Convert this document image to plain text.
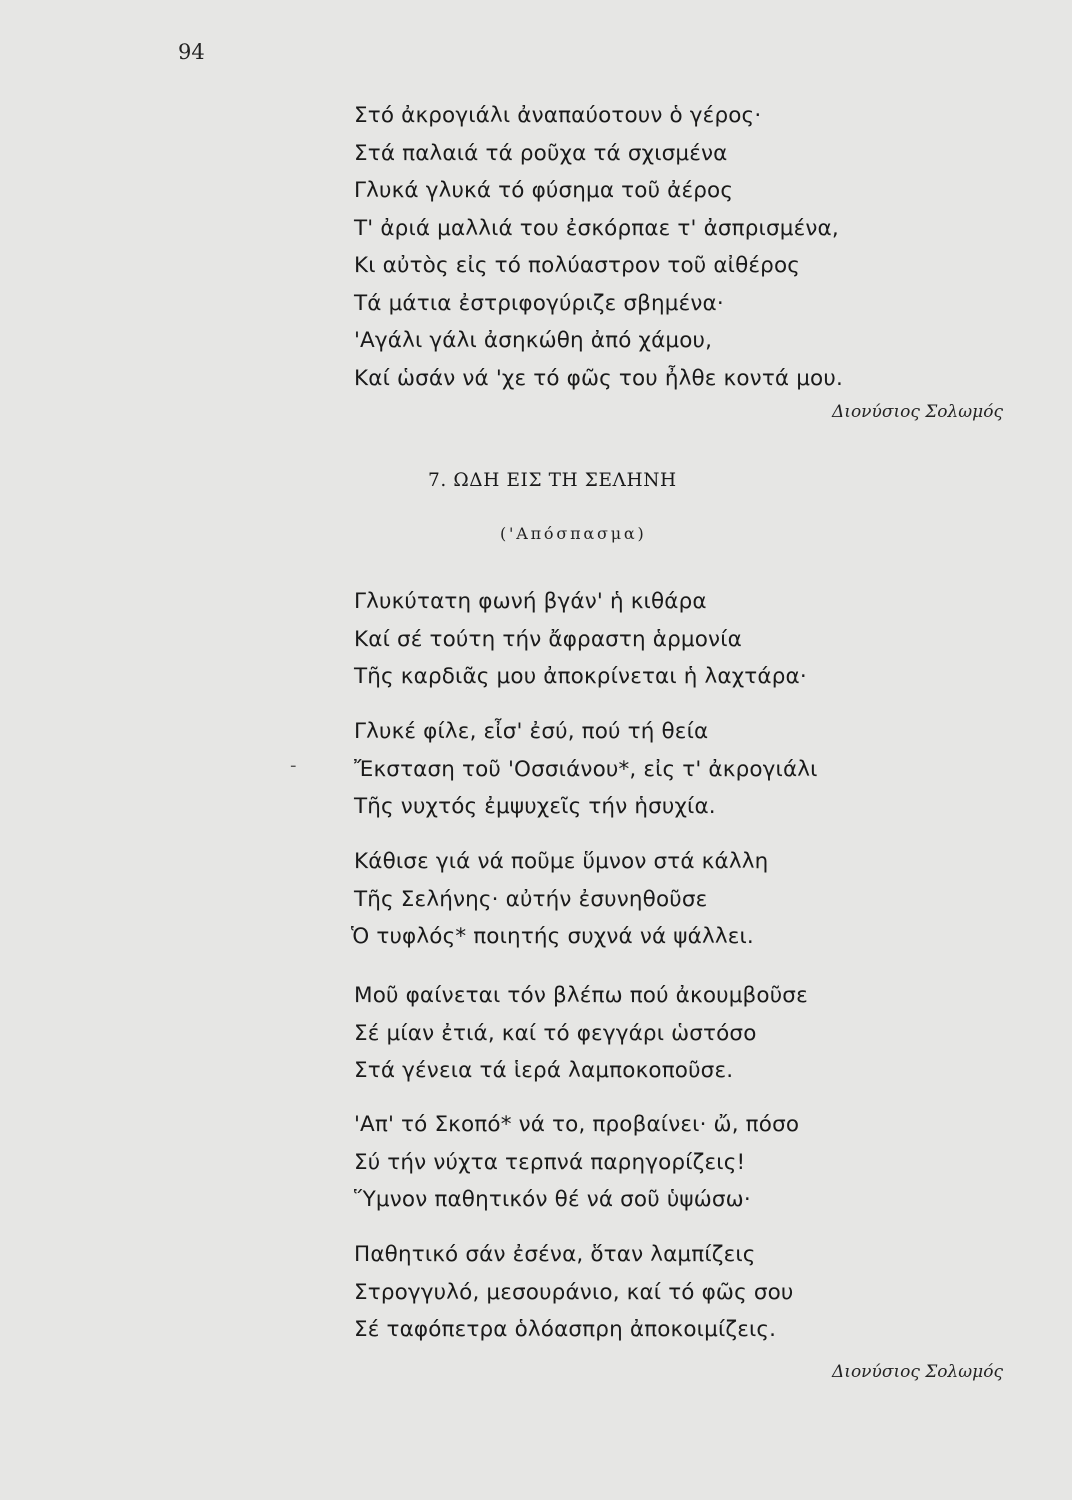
94
Στό ἀκρογιάλι ἀναπαύοτουν ὁ γέρος·
Στά παλαιά τά ροῦχα τά σχισμένα
Γλυκά γλυκά τό φύσημα τοῦ ἀέρος
Τ' ἀριά μαλλιά του ἐσκόρπαε τ' ἀσπρισμένα,
Κι αὐτὸς εἰς τό πολύαστρον τοῦ αἰθέρος
Τά μάτια ἐστριφογύριζε σβημένα·
'Αγάλι γάλι ἀσηκώθη ἀπό χάμου,
Καί ὡσάν νά 'χε τό φῶς του ἦλθε κοντά μου.
Διονύσιος Σολωμός
7. ΩΔΗ ΕΙΣ ΤΗ ΣΕΛΗΝΗ
('Απόσπασμα)
Γλυκύτατη φωνή βγάν' ἡ κιθάρα
Καί σέ τούτη τήν ἄφραστη ἁρμονία
Τῆς καρδιᾶς μου ἀποκρίνεται ἡ λαχτάρα·
Γλυκέ φίλε, εἶσ' ἐσύ, πού τή θεία
Ἔκσταση τοῦ 'Οσσιάνου*, εἰς τ' ἀκρογιάλι
Τῆς νυχτός ἐμψυχεῖς τήν ἡσυχία.
Κάθισε γιά νά ποῦμε ὕμνον στά κάλλη
Τῆς Σελήνης· αὐτήν ἐσυνηθοῦσε
Ὁ τυφλός* ποιητής συχνά νά ψάλλει.
Μοῦ φαίνεται τόν βλέπω πού ἀκουμβοῦσε
Σέ μίαν ἐτιά, καί τό φεγγάρι ὡστόσο
Στά γένεια τά ἱερά λαμποκοποῦσε.
'Απ' τό Σκοπό* νά το, προβαίνει· ὤ, πόσο
Σύ τήν νύχτα τερπνά παρηγορίζεις!
Ὕμνον παθητικόν θέ νά σοῦ ὑψώσω·
Παθητικό σάν ἐσένα, ὅταν λαμπίζεις
Στρογγυλό, μεσουράνιο, καί τό φῶς σου
Σέ ταφόπετρα ὁλόασπρη ἀποκοιμίζεις.
Διονύσιος Σολωμός
-
